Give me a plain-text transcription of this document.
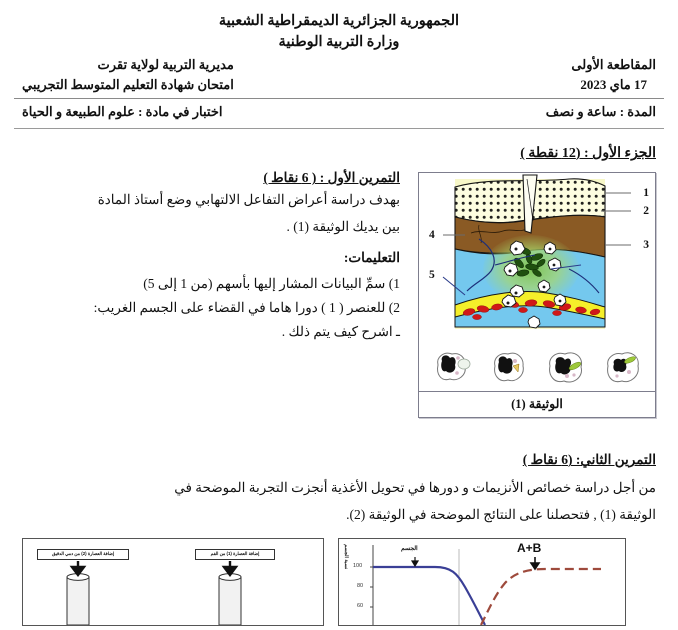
الجمهورية الجزائرية الديمقراطية الشعبية
وزارة التربية الوطنية
مديرية التربية لولاية تقرت
امتحان شهادة التعليم المتوسط التجريبي
المقاطعة الأولى
17 ماي 2023
اختبار في مادة : علوم الطبيعة و الحياة	المدة : ساعة و نصف
الجزء الأول : (12 نقطة )
التمرين الأول : ( 6 نقاط )
بهدف دراسة أعراض التفاعل الالتهابي وضع أستاذ المادة
بين يديك الوثيقة (1) .
التعليمات:
1) سمِّ البيانات المشار إليها بأسهم (من 1 إلى 5)
2) للعنصر ( 1 ) دورا هاما في القضاء على الجسم الغريب:
ـ اشرح كيف يتم ذلك .
1
2
3
4
5
الوثيقة (1)
التمرين الثاني: (6 نقاط )
من أجل دراسة خصائص الأنزيمات و دورها في تحويل الأغذية أنجزت التجربة الموضحة في
الوثيقة (1) , فتحصلنا على النتائج الموضحة في الوثيقة (2).
إضافة العصارة (2) من دمي الدقيق	إضافة العصارة (1) من الفم
100
80
60
نسبة الجسم	A+B
الجسم
